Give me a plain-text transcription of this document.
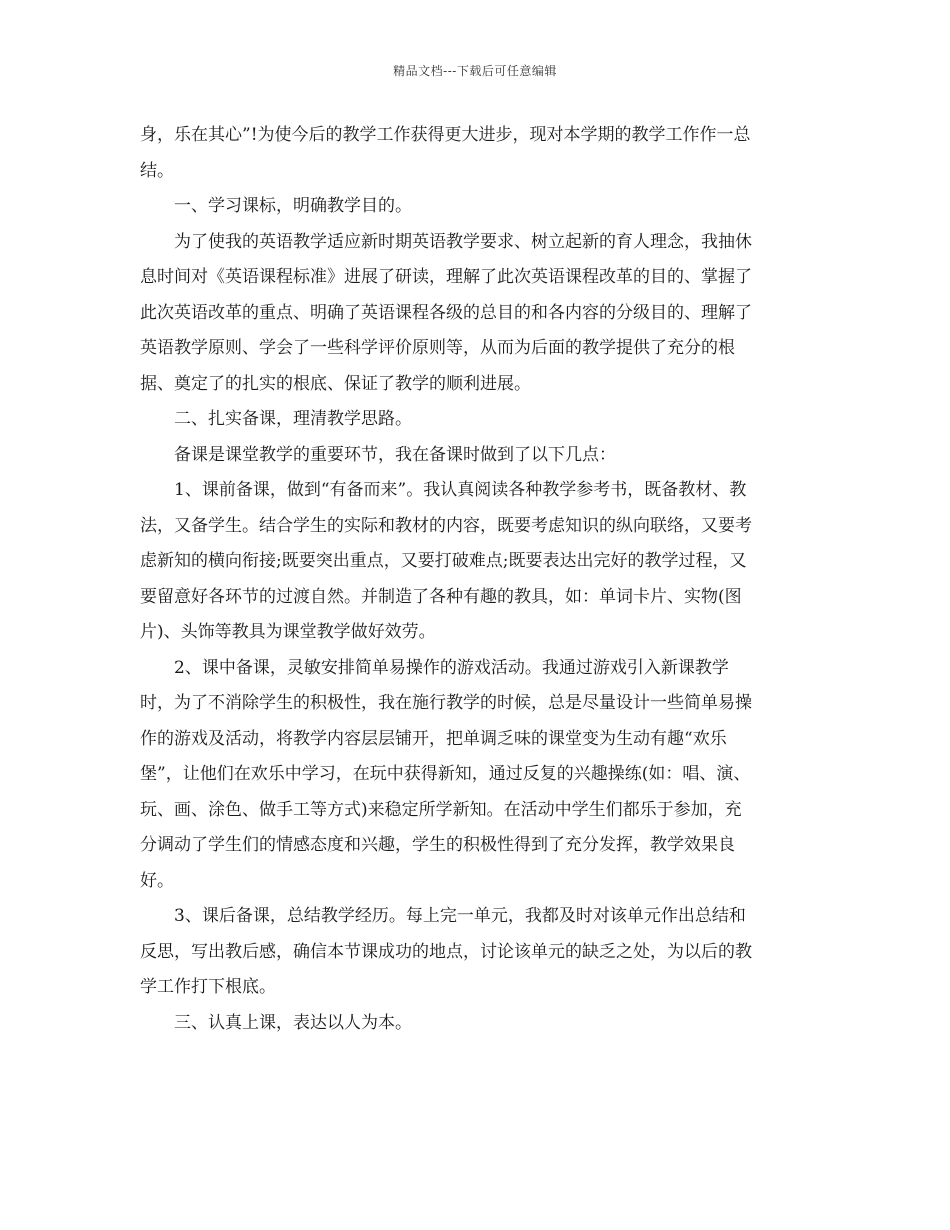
精品文档---下载后可任意编辑

身，乐在其心”!为使今后的教学工作获得更大进步，现对本学期的教学工作作一总
结。

一、学习课标，明确教学目的。

为了使我的英语教学适应新时期英语教学要求、树立起新的育人理念，我抽休
息时间对《英语课程标准》进展了研读，理解了此次英语课程改革的目的、掌握了
此次英语改革的重点、明确了英语课程各级的总目的和各内容的分级目的、理解了
英语教学原则、学会了一些科学评价原则等，从而为后面的教学提供了充分的根
据、奠定了的扎实的根底、保证了教学的顺利进展。

二、扎实备课，理清教学思路。

备课是课堂教学的重要环节，我在备课时做到了以下几点：

1、课前备课，做到“有备而来”。我认真阅读各种教学参考书，既备教材、教
法，又备学生。结合学生的实际和教材的内容，既要考虑知识的纵向联络，又要考
虑新知的横向衔接;既要突出重点，又要打破难点;既要表达出完好的教学过程，又
要留意好各环节的过渡自然。并制造了各种有趣的教具，如：单词卡片、实物(图
片)、头饰等教具为课堂教学做好效劳。

2、课中备课，灵敏安排简单易操作的游戏活动。我通过游戏引入新课教学
时，为了不消除学生的积极性，我在施行教学的时候，总是尽量设计一些简单易操
作的游戏及活动，将教学内容层层铺开，把单调乏味的课堂变为生动有趣“欢乐
堡”，让他们在欢乐中学习，在玩中获得新知，通过反复的兴趣操练(如：唱、演、
玩、画、涂色、做手工等方式)来稳定所学新知。在活动中学生们都乐于参加，充
分调动了学生们的情感态度和兴趣，学生的积极性得到了充分发挥，教学效果良
好。

3、课后备课，总结教学经历。每上完一单元，我都及时对该单元作出总结和
反思，写出教后感，确信本节课成功的地点，讨论该单元的缺乏之处，为以后的教
学工作打下根底。

三、认真上课，表达以人为本。
